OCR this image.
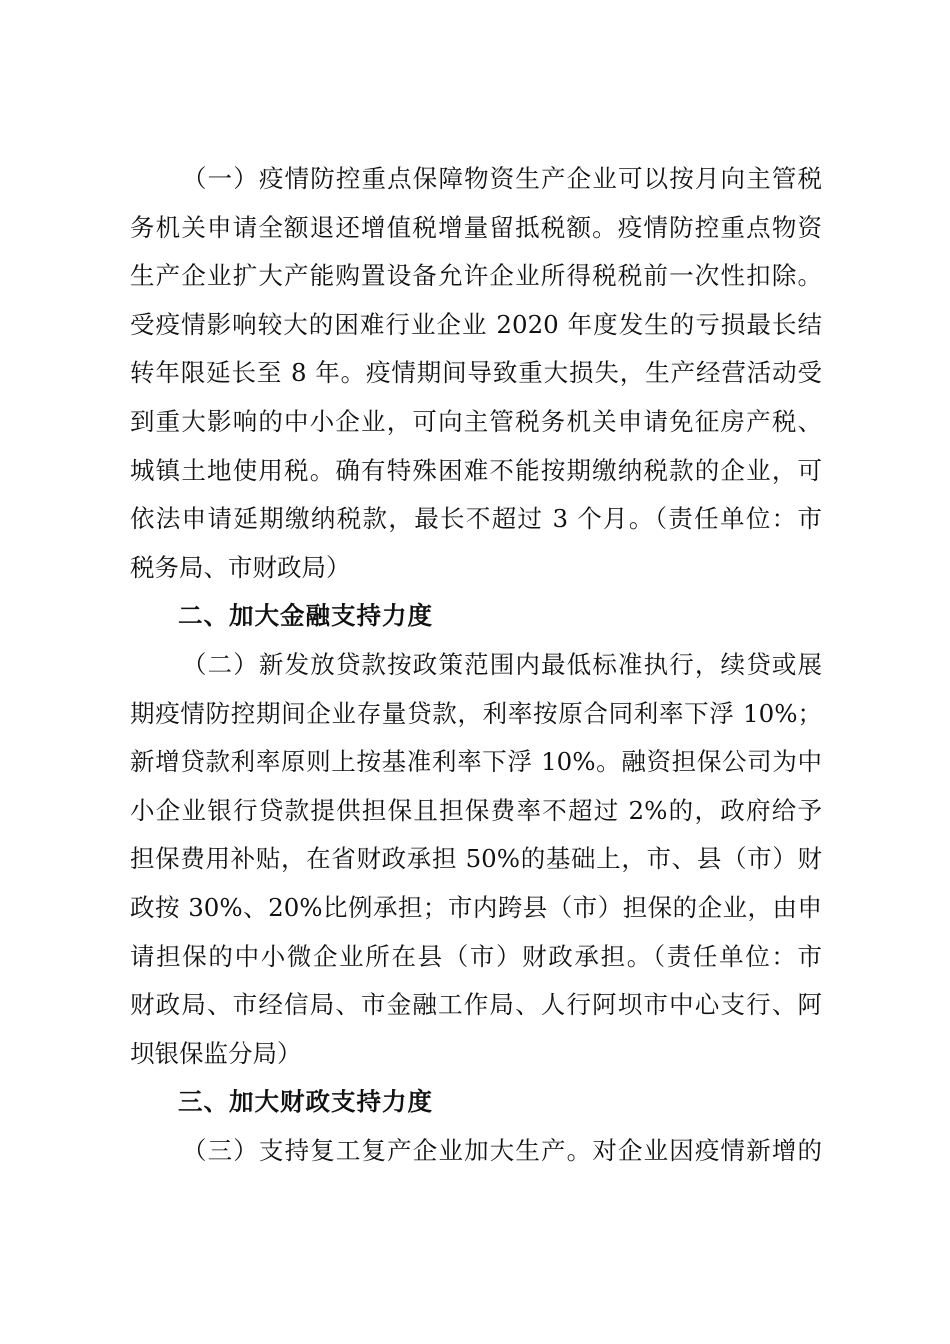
（一）疫情防控重点保障物资生产企业可以按月向主管税
务机关申请全额退还增值税增量留抵税额。疫情防控重点物资
生产企业扩大产能购置设备允许企业所得税税前一次性扣除。
受疫情影响较大的困难行业企业 2020 年度发生的亏损最长结
转年限延长至 8 年。疫情期间导致重大损失，生产经营活动受
到重大影响的中小企业，可向主管税务机关申请免征房产税、
城镇土地使用税。确有特殊困难不能按期缴纳税款的企业，可
依法申请延期缴纳税款，最长不超过 3 个月。（责任单位：市
税务局、市财政局）
二、加大金融支持力度
（二）新发放贷款按政策范围内最低标准执行，续贷或展
期疫情防控期间企业存量贷款，利率按原合同利率下浮 10%；
新增贷款利率原则上按基准利率下浮 10%。融资担保公司为中
小企业银行贷款提供担保且担保费率不超过 2%的，政府给予
担保费用补贴，在省财政承担 50%的基础上，市、县（市）财
政按 30%、20%比例承担；市内跨县（市）担保的企业，由申
请担保的中小微企业所在县（市）财政承担。（责任单位：市
财政局、市经信局、市金融工作局、人行阿坝市中心支行、阿
坝银保监分局）
三、加大财政支持力度
（三）支持复工复产企业加大生产。对企业因疫情新增的
